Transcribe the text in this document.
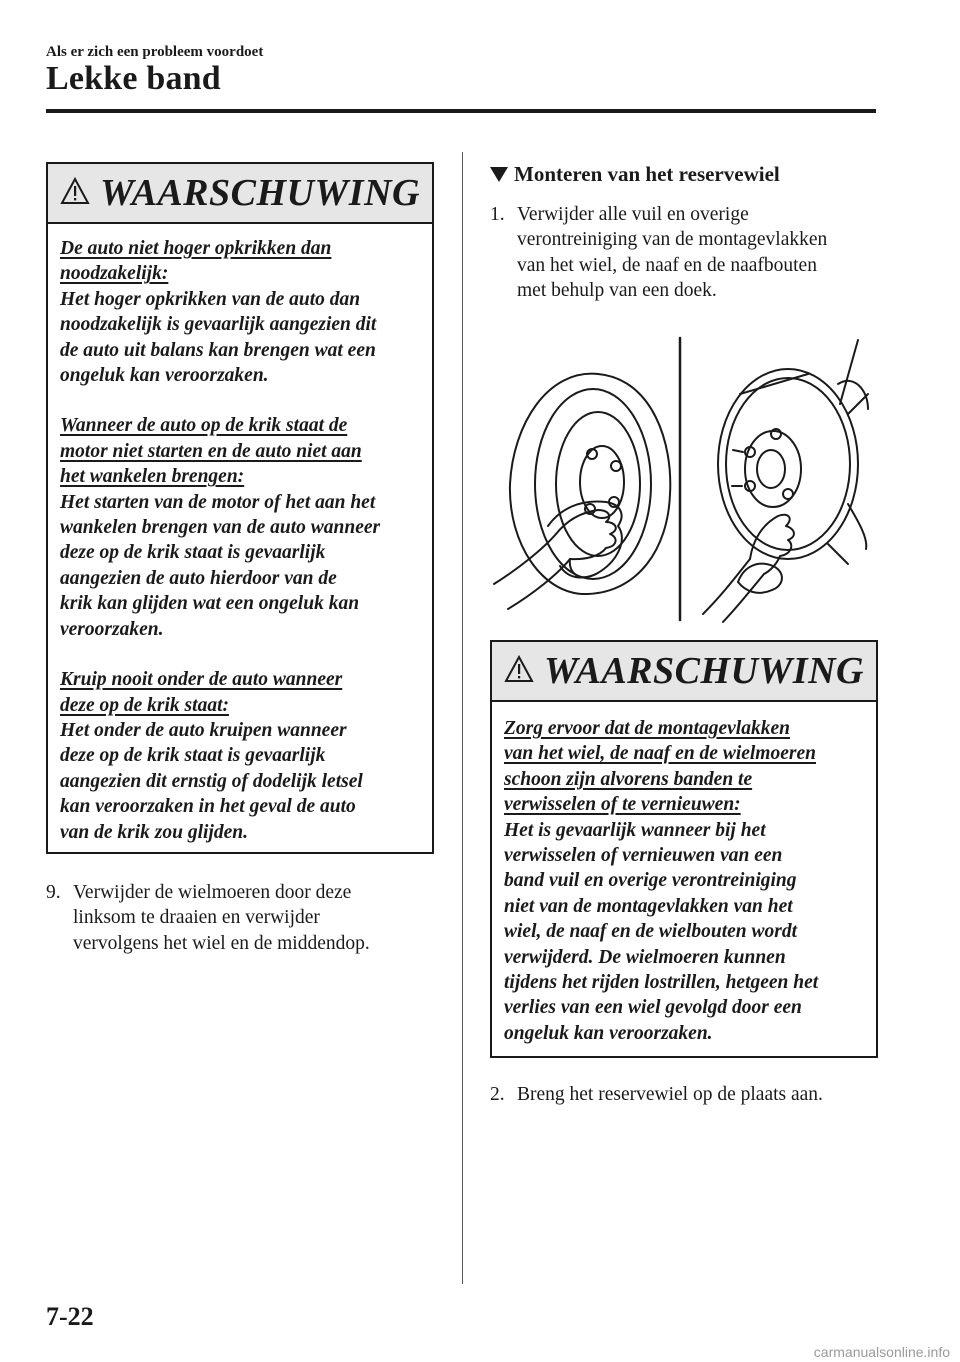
Als er zich een probleem voordoet
Lekke band
WAARSCHUWING
De auto niet hoger opkrikken dan
noodzakelijk:
Het hoger opkrikken van de auto dan
noodzakelijk is gevaarlijk aangezien dit
de auto uit balans kan brengen wat een
ongeluk kan veroorzaken.
Wanneer de auto op de krik staat de
motor niet starten en de auto niet aan
het wankelen brengen:
Het starten van de motor of het aan het
wankelen brengen van de auto wanneer
deze op de krik staat is gevaarlijk
aangezien de auto hierdoor van de
krik kan glijden wat een ongeluk kan
veroorzaken.
Kruip nooit onder de auto wanneer
deze op de krik staat:
Het onder de auto kruipen wanneer
deze op de krik staat is gevaarlijk
aangezien dit ernstig of dodelijk letsel
kan veroorzaken in het geval de auto
van de krik zou glijden.
9. Verwijder de wielmoeren door deze
linksom te draaien en verwijder
vervolgens het wiel en de middendop.
Monteren van het reservewiel
1. Verwijder alle vuil en overige
verontreiniging van de montagevlakken
van het wiel, de naaf en de naafbouten
met behulp van een doek.
WAARSCHUWING
Zorg ervoor dat de montagevlakken
van het wiel, de naaf en de wielmoeren
schoon zijn alvorens banden te
verwisselen of te vernieuwen:
Het is gevaarlijk wanneer bij het
verwisselen of vernieuwen van een
band vuil en overige verontreiniging
niet van de montagevlakken van het
wiel, de naaf en de wielbouten wordt
verwijderd. De wielmoeren kunnen
tijdens het rijden lostrillen, hetgeen het
verlies van een wiel gevolgd door een
ongeluk kan veroorzaken.
2. Breng het reservewiel op de plaats aan.
7-22
carmanualsonline.info
